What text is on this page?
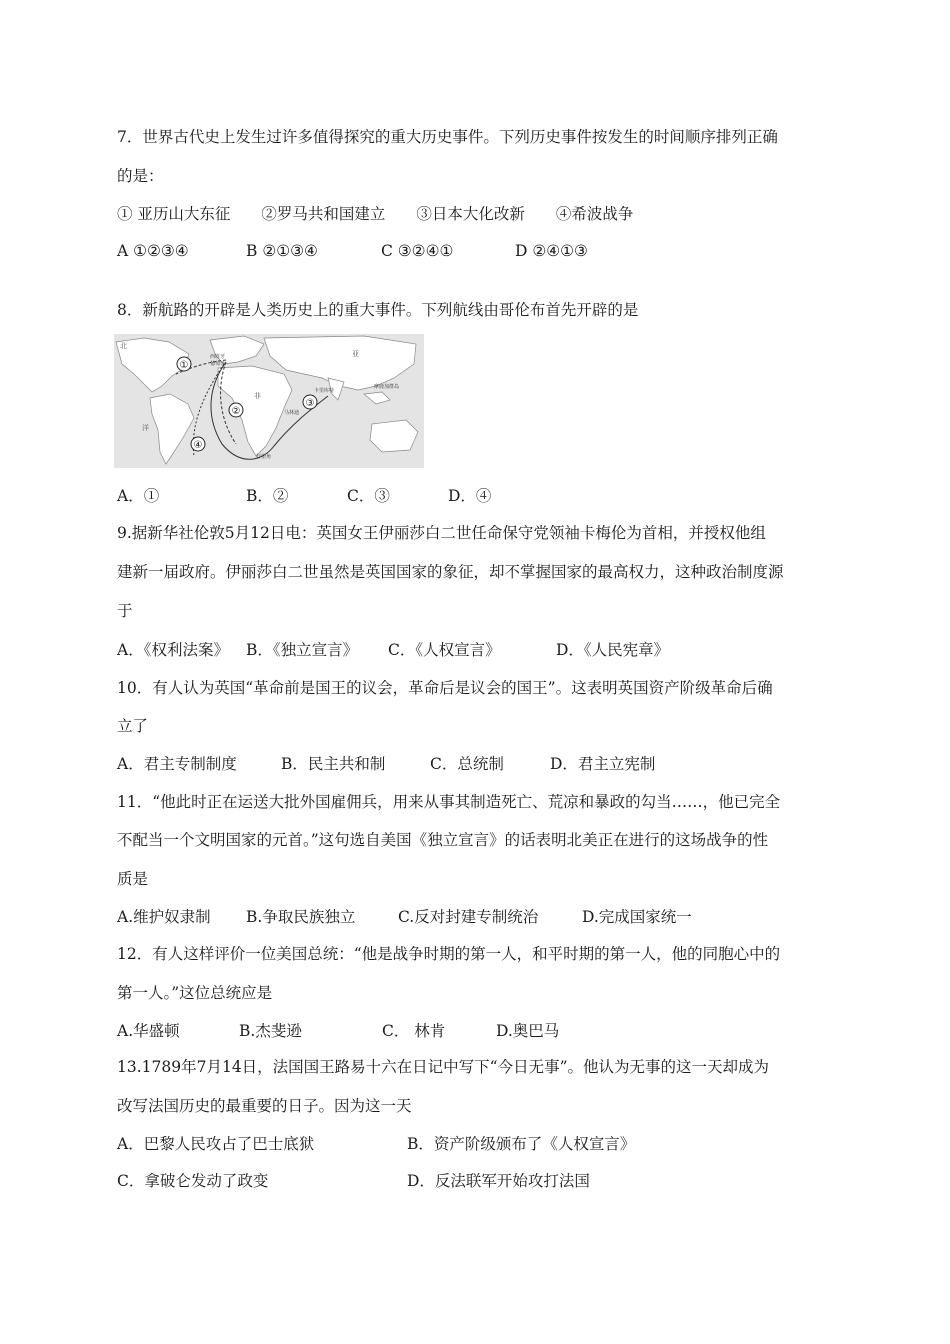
7．世界古代史上发生过许多值得探究的重大历史事件。下列历史事件按发生的时间顺序排列正确
的是：
① 亚历山大东征　　②罗马共和国建立　　③日本大化改新　　④希波战争
A ①②③④	B ②①③④	C ③②④①	D ②④①③
8．新航路的开辟是人类历史上的重大事件。下列航线由哥伦布首先开辟的是
①
②
③
④
西班牙
葡萄牙
好望角
卡里库特
马林迪
摩鹿加群岛
北
洋
亚
非
A．①	B．②	C．③	D．④
9.据新华社伦敦5月12日电：英国女王伊丽莎白二世任命保守党领袖卡梅伦为首相，并授权他组
建新一届政府。伊丽莎白二世虽然是英国国家的象征，却不掌握国家的最高权力，这种政治制度源
于
A．《权利法案》 B．《独立宣言》 C．《人权宣言》	D．《人民宪章》
10．有人认为英国“革命前是国王的议会，革命后是议会的国王”。这表明英国资产阶级革命后确
立了
A．君主专制制度	B．民主共和制	C．总统制	D．君主立宪制
11．“他此时正在运送大批外国雇佣兵，用来从事其制造死亡、荒凉和暴政的勾当……，他已完全
不配当一个文明国家的元首。”这句选自美国《独立宣言》的话表明北美正在进行的这场战争的性
质是
A.维护奴隶制 B.争取民族独立	C.反对封建专制统治	D.完成国家统一
12．有人这样评价一位美国总统：“他是战争时期的第一人，和平时期的第一人，他的同胞心中的
第一人。”这位总统应是
A.华盛顿	B.杰斐逊	C． 林肯	D.奥巴马
13.1789年7月14日，法国国王路易十六在日记中写下“今日无事”。他认为无事的这一天却成为
改写法国历史的最重要的日子。因为这一天
A．巴黎人民攻占了巴士底狱	B．资产阶级颁布了《人权宣言》
C．拿破仑发动了政变	D．反法联军开始攻打法国
